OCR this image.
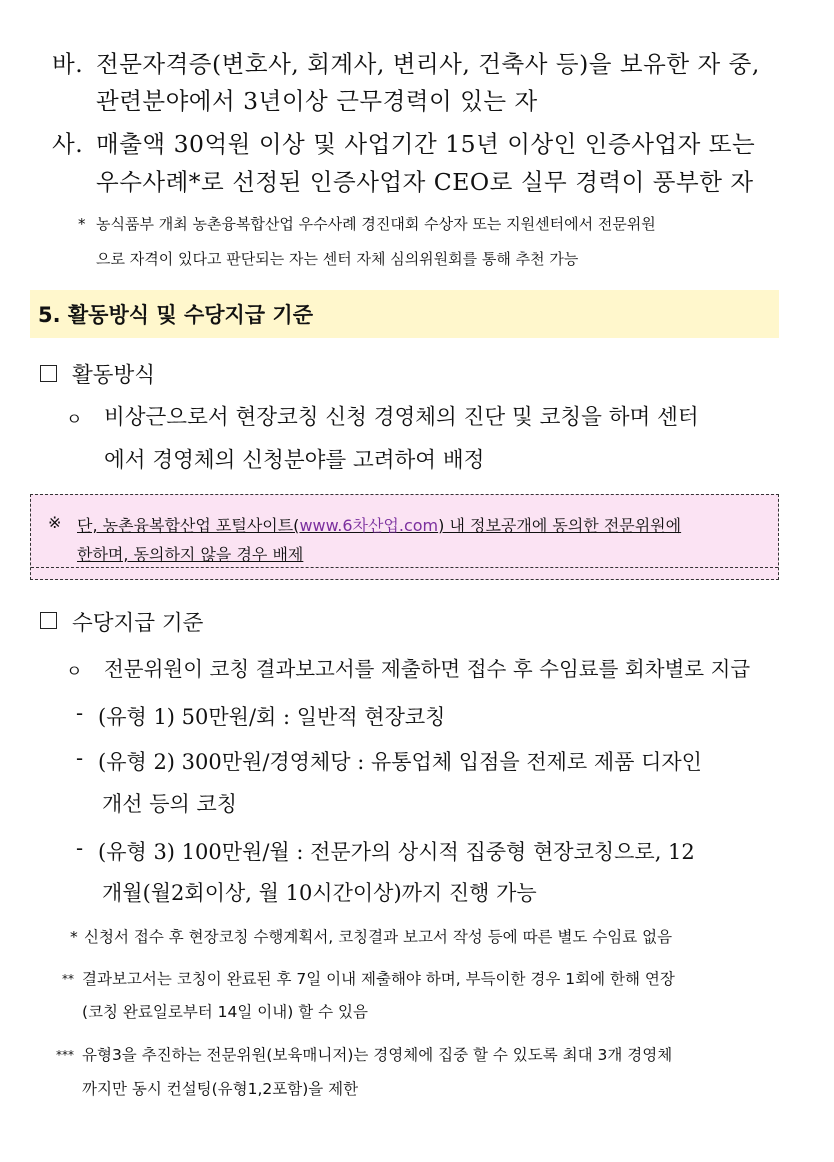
바. 전문자격증(변호사, 회계사, 변리사, 건축사 등)을 보유한 자 중,
관련분야에서 3년이상 근무경력이 있는 자
사. 매출액 30억원 이상 및 사업기간 15년 이상인 인증사업자 또는
우수사례*로 선정된 인증사업자 CEO로 실무 경력이 풍부한 자
* 농식품부 개최 농촌융복합산업 우수사례 경진대회 수상자 또는 지원센터에서 전문위원
으로 자격이 있다고 판단되는 자는 센터 자체 심의위원회를 통해 추천 가능
5. 활동방식 및 수당지급 기준
활동방식
ㅇ 비상근으로서 현장코칭 신청 경영체의 진단 및 코칭을 하며 센터
에서 경영체의 신청분야를 고려하여 배정
※ 단, 농촌융복합산업 포털사이트(www.6차산업.com) 내 정보공개에 동의한 전문위원에
한하며, 동의하지 않을 경우 배제
수당지급 기준
ㅇ 전문위원이 코칭 결과보고서를 제출하면 접수 후 수임료를 회차별로 지급
- (유형 1) 50만원/회 : 일반적 현장코칭
- (유형 2) 300만원/경영체당 : 유통업체 입점을 전제로 제품 디자인
개선 등의 코칭
- (유형 3) 100만원/월 : 전문가의 상시적 집중형 현장코칭으로, 12
개월(월2회이상, 월 10시간이상)까지 진행 가능
* 신청서 접수 후 현장코칭 수행계획서, 코칭결과 보고서 작성 등에 따른 별도 수임료 없음
** 결과보고서는 코칭이 완료된 후 7일 이내 제출해야 하며, 부득이한 경우 1회에 한해 연장
(코칭 완료일로부터 14일 이내) 할 수 있음
*** 유형3을 추진하는 전문위원(보육매니저)는 경영체에 집중 할 수 있도록 최대 3개 경영체
까지만 동시 컨설팅(유형1,2포함)을 제한
